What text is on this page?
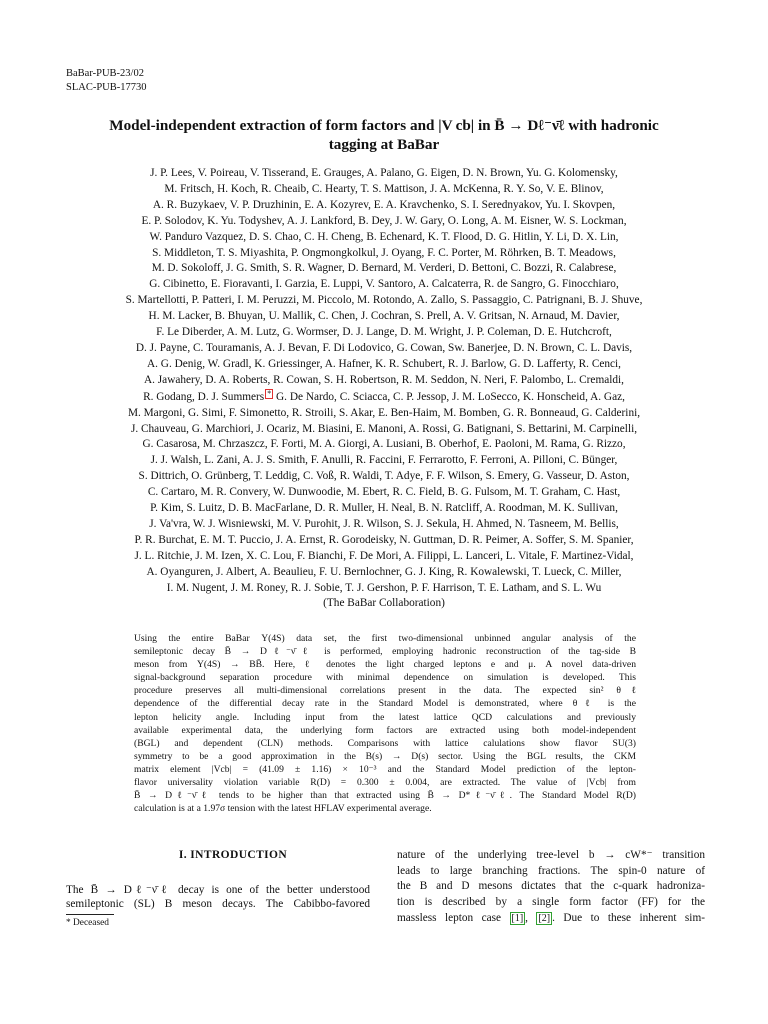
BaBar-PUB-23/02
SLAC-PUB-17730
Model-independent extraction of form factors and |V cb| in B̄ → Dℓ⁻ν̄ℓ with hadronic
tagging at BaBar
J. P. Lees, V. Poireau, V. Tisserand, E. Grauges, A. Palano, G. Eigen, D. N. Brown, Yu. G. Kolomensky,
M. Fritsch, H. Koch, R. Cheaib, C. Hearty, T. S. Mattison, J. A. McKenna, R. Y. So, V. E. Blinov,
A. R. Buzykaev, V. P. Druzhinin, E. A. Kozyrev, E. A. Kravchenko, S. I. Serednyakov, Yu. I. Skovpen,
E. P. Solodov, K. Yu. Todyshev, A. J. Lankford, B. Dey, J. W. Gary, O. Long, A. M. Eisner, W. S. Lockman,
W. Panduro Vazquez, D. S. Chao, C. H. Cheng, B. Echenard, K. T. Flood, D. G. Hitlin, Y. Li, D. X. Lin,
S. Middleton, T. S. Miyashita, P. Ongmongkolkul, J. Oyang, F. C. Porter, M. Röhrken, B. T. Meadows,
M. D. Sokoloff, J. G. Smith, S. R. Wagner, D. Bernard, M. Verderi, D. Bettoni, C. Bozzi, R. Calabrese,
G. Cibinetto, E. Fioravanti, I. Garzia, E. Luppi, V. Santoro, A. Calcaterra, R. de Sangro, G. Finocchiaro,
S. Martellotti, P. Patteri, I. M. Peruzzi, M. Piccolo, M. Rotondo, A. Zallo, S. Passaggio, C. Patrignani, B. J. Shuve,
H. M. Lacker, B. Bhuyan, U. Mallik, C. Chen, J. Cochran, S. Prell, A. V. Gritsan, N. Arnaud, M. Davier,
F. Le Diberder, A. M. Lutz, G. Wormser, D. J. Lange, D. M. Wright, J. P. Coleman, D. E. Hutchcroft,
D. J. Payne, C. Touramanis, A. J. Bevan, F. Di Lodovico, G. Cowan, Sw. Banerjee, D. N. Brown, C. L. Davis,
A. G. Denig, W. Gradl, K. Griessinger, A. Hafner, K. R. Schubert, R. J. Barlow, G. D. Lafferty, R. Cenci,
A. Jawahery, D. A. Roberts, R. Cowan, S. H. Robertson, R. M. Seddon, N. Neri, F. Palombo, L. Cremaldi,
R. Godang, D. J. Summers * G. De Nardo, C. Sciacca, C. P. Jessop, J. M. LoSecco, K. Honscheid, A. Gaz,
M. Margoni, G. Simi, F. Simonetto, R. Stroili, S. Akar, E. Ben-Haim, M. Bomben, G. R. Bonneaud, G. Calderini,
J. Chauveau, G. Marchiori, J. Ocariz, M. Biasini, E. Manoni, A. Rossi, G. Batignani, S. Bettarini, M. Carpinelli,
G. Casarosa, M. Chrzaszcz, F. Forti, M. A. Giorgi, A. Lusiani, B. Oberhof, E. Paoloni, M. Rama, G. Rizzo,
J. J. Walsh, L. Zani, A. J. S. Smith, F. Anulli, R. Faccini, F. Ferrarotto, F. Ferroni, A. Pilloni, C. Bünger,
S. Dittrich, O. Grünberg, T. Leddig, C. Voß, R. Waldi, T. Adye, F. F. Wilson, S. Emery, G. Vasseur, D. Aston,
C. Cartaro, M. R. Convery, W. Dunwoodie, M. Ebert, R. C. Field, B. G. Fulsom, M. T. Graham, C. Hast,
P. Kim, S. Luitz, D. B. MacFarlane, D. R. Muller, H. Neal, B. N. Ratcliff, A. Roodman, M. K. Sullivan,
J. Va'vra, W. J. Wisniewski, M. V. Purohit, J. R. Wilson, S. J. Sekula, H. Ahmed, N. Tasneem, M. Bellis,
P. R. Burchat, E. M. T. Puccio, J. A. Ernst, R. Gorodeisky, N. Guttman, D. R. Peimer, A. Soffer, S. M. Spanier,
J. L. Ritchie, J. M. Izen, X. C. Lou, F. Bianchi, F. De Mori, A. Filippi, L. Lanceri, L. Vitale, F. Martinez-Vidal,
A. Oyanguren, J. Albert, A. Beaulieu, F. U. Bernlochner, G. J. King, R. Kowalewski, T. Lueck, C. Miller,
I. M. Nugent, J. M. Roney, R. J. Sobie, T. J. Gershon, P. F. Harrison, T. E. Latham, and S. L. Wu
(The BaBar Collaboration)
Using the entire BaBar Υ(4S) data set, the first two-dimensional unbinned angular analysis of the
semileptonic decay B̄ → Dℓ⁻ν̄ℓ is performed, employing hadronic reconstruction of the tag-side B
meson from Υ(4S) → BB̄. Here, ℓ denotes the light charged leptons e and μ. A novel data-driven
signal-background separation procedure with minimal dependence on simulation is developed. This
procedure preserves all multi-dimensional correlations present in the data. The expected sin² θℓ
dependence of the differential decay rate in the Standard Model is demonstrated, where θℓ is the
lepton helicity angle. Including input from the latest lattice QCD calculations and previously
available experimental data, the underlying form factors are extracted using both model-independent
(BGL) and dependent (CLN) methods. Comparisons with lattice calulations show flavor SU(3)
symmetry to be a good approximation in the B(s) → D(s) sector. Using the BGL results, the CKM
matrix element |Vcb| = (41.09 ± 1.16) × 10⁻³ and the Standard Model prediction of the lepton-
flavor universality violation variable R(D) = 0.300 ± 0.004, are extracted. The value of |Vcb| from
B̄ → Dℓ⁻ν̄ℓ tends to be higher than that extracted using B̄ → D*ℓ⁻ν̄ℓ. The Standard Model R(D)
calculation is at a 1.97σ tension with the latest HFLAV experimental average.
I. INTRODUCTION
The B̄ → Dℓ⁻ν̄ℓ decay is one of the better understood
semileptonic (SL) B meson decays. The Cabibbo-favored
nature of the underlying tree-level b → cW*⁻ transition
leads to large branching fractions. The spin-0 nature of
the B and D mesons dictates that the c-quark hadroniza-
tion is described by a single form factor (FF) for the
massless lepton case [1] , [2] . Due to these inherent sim-
* Deceased
